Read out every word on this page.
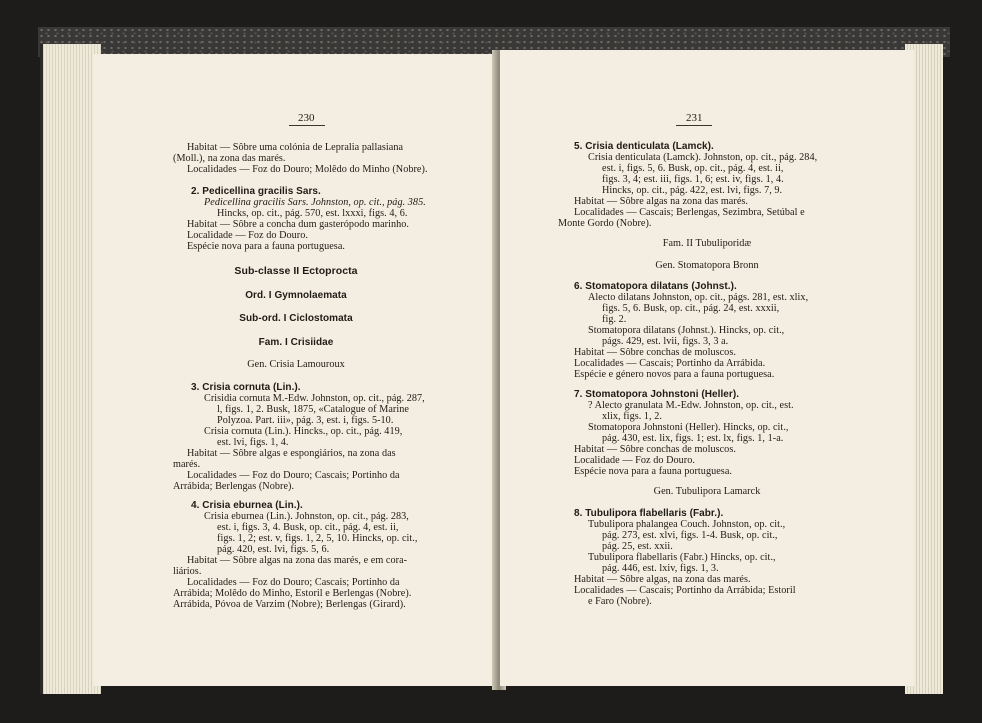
230
Habitat — Sôbre uma colónia de Lepralia pallasiana
(Moll.), na zona das marés.
Localidades — Foz do Douro; Molêdo do Minho (Nobre).
2. Pedicellina gracilis Sars.
Pedicellina gracilis Sars. Johnston, op. cit., pág. 385.
Hincks, op. cit., pág. 570, est. lxxxi, figs. 4, 6.
Habitat — Sôbre a concha dum gasterópodo marinho.
Localidade — Foz do Douro.
Espécie nova para a fauna portuguesa.
Sub-classe II Ectoprocta
Ord. I Gymnolaemata
Sub-ord. I Ciclostomata
Fam. I Crisiidae
Gen. Crisia Lamouroux
3. Crisia cornuta (Lin.).
Crisidia cornuta M.-Edw. Johnston, op. cit., pág. 287,
l, figs. 1, 2. Busk, 1875, «Catalogue of Marine
Polyzoa. Part. iii», pág. 3, est. i, figs. 5-10.
Crisia cornuta (Lin.). Hincks., op. cit., pág. 419,
est. lvi, figs. 1, 4.
Habitat — Sôbre algas e espongiários, na zona das
marés.
Localidades — Foz do Douro; Cascais; Portinho da
Arrábida; Berlengas (Nobre).
4. Crisia eburnea (Lin.).
Crisia eburnea (Lin.). Johnston, op. cit., pág. 283,
est. i, figs. 3, 4. Busk, op. cit., pág. 4, est. ii,
figs. 1, 2; est. v, figs. 1, 2, 5, 10. Hincks, op. cit.,
pág. 420, est. lvi, figs. 5, 6.
Habitat — Sôbre algas na zona das marés, e em cora-
liários.
Localidades — Foz do Douro; Cascais; Portinho da
Arrábida; Molêdo do Minho, Estoril e Berlengas (Nobre).
Arrábida, Póvoa de Varzim (Nobre); Berlengas (Girard).
231
5. Crisia denticulata (Lamck).
Crisia denticulata (Lamck). Johnston, op. cit., pág. 284,
est. i, figs. 5, 6. Busk, op. cit., pág. 4, est. ii,
figs. 3, 4; est. iii, figs. 1, 6; est. iv, figs. 1, 4.
Hincks, op. cit., pág. 422, est. lvi, figs. 7, 9.
Habitat — Sôbre algas na zona das marés.
Localidades — Cascais; Berlengas, Sezimbra, Setúbal e
Monte Gordo (Nobre).
Fam. II Tubuliporidæ
Gen. Stomatopora Bronn
6. Stomatopora dilatans (Johnst.).
Alecto dilatans Johnston, op. cit., págs. 281, est. xlix,
figs. 5, 6. Busk, op. cit., pág. 24, est. xxxii,
fig. 2.
Stomatopora dilatans (Johnst.). Hincks, op. cit.,
págs. 429, est. lvii, figs. 3, 3 a.
Habitat — Sôbre conchas de moluscos.
Localidades — Cascais; Portinho da Arrábida.
Espécie e género novos para a fauna portuguesa.
7. Stomatopora Johnstoni (Heller).
? Alecto granulata M.-Edw. Johnston, op. cit., est.
xlix, figs. 1, 2.
Stomatopora Johnstoni (Heller). Hincks, op. cit.,
pág. 430, est. lix, figs. 1; est. lx, figs. 1, 1-a.
Habitat — Sôbre conchas de moluscos.
Localidade — Foz do Douro.
Espécie nova para a fauna portuguesa.
Gen. Tubulipora Lamarck
8. Tubulipora flabellaris (Fabr.).
Tubulipora phalangea Couch. Johnston, op. cit.,
pág. 273, est. xlvi, figs. 1-4. Busk, op. cit.,
pág. 25, est. xxii.
Tubulipora flabellaris (Fabr.) Hincks, op. cit.,
pág. 446, est. lxiv, figs. 1, 3.
Habitat — Sôbre algas, na zona das marés.
Localidades — Cascais; Portinho da Arrábida; Estoril
e Faro (Nobre).
